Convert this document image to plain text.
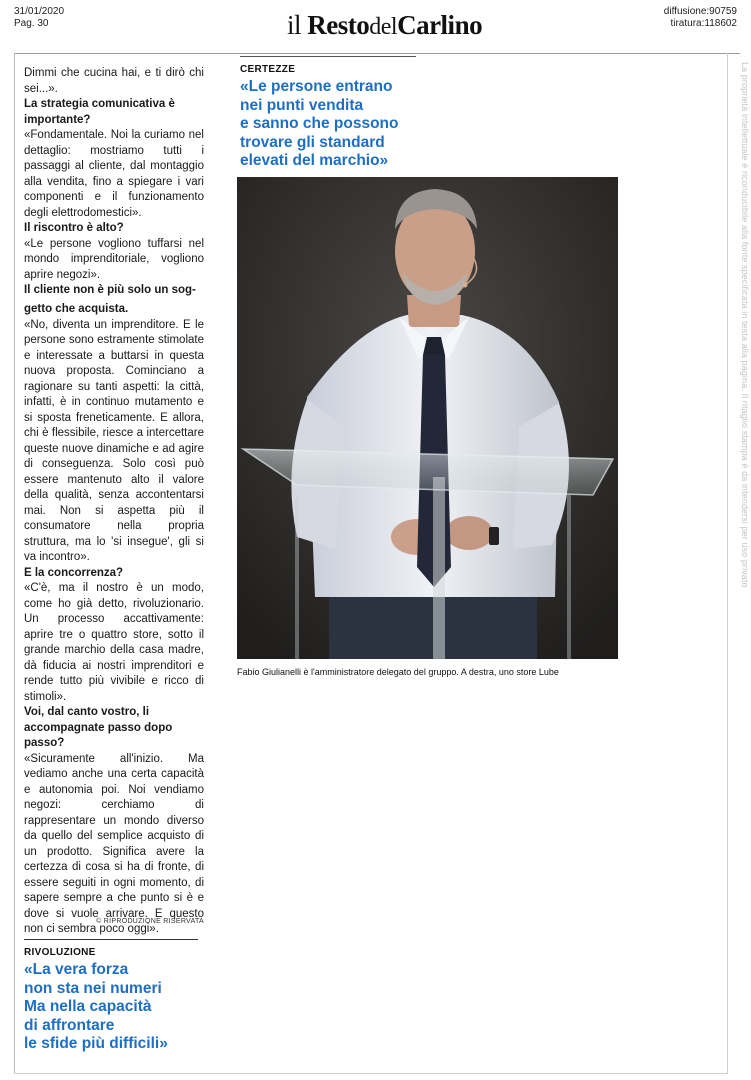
31/01/2020
Pag. 30	il RestodelCarlino	diffusione:90759
tiratura:118602

Dimmi che cucina hai, e ti dirò chi sei...».

La strategia comunicativa è importante?

«Fondamentale. Noi la curiamo nel dettaglio: mostriamo tutti i passaggi al cliente, dal montaggio alla vendita, fino a spiegare i vari componenti e il funzionamento degli elettrodomestici».

Il riscontro è alto?

«Le persone vogliono tuffarsi nel mondo imprenditoriale, vogliono aprire negozi».

Il cliente non è più solo un sog-

getto che acquista.

«No, diventa un imprenditore. E le persone sono estramente stimolate e interessate a buttarsi in questa nuova proposta. Cominciano a ragionare su tanti aspetti: la città, infatti, è in continuo mutamento e si sposta freneticamente. E allora, chi è flessibile, riesce a intercettare queste nuove dinamiche e ad agire di conseguenza. Solo così può essere mantenuto alto il valore della qualità, senza accontentarsi mai. Non si aspetta più il consumatore nella propria struttura, ma lo 'si insegue', gli si va incontro».

E la concorrenza?

«C'è, ma il nostro è un modo, come ho già detto, rivoluzionario. Un processo accattivamente: aprire tre o quattro store, sotto il grande marchio della casa madre, dà fiducia ai nostri imprenditori e rende tutto più vivibile e ricco di stimoli».

Voi, dal canto vostro, li accompagnate passo dopo passo?

«Sicuramente all'inizio. Ma vediamo anche una certa capacità e autonomia poi. Noi vendiamo negozi: cerchiamo di rappresentare un mondo diverso da quello del semplice acquisto di un prodotto. Significa avere la certezza di cosa si ha di fronte, di essere seguiti in ogni momento, di sapere sempre a che punto si è e dove si vuole arrivare. E questo non ci sembra poco oggi».

© RIPRODUZIONE RISERVATA
CERTEZZE

«Le persone entrano

nei punti vendita

e sanno che possono

trovare gli standard

elevati del marchio»

Fabio Giulianelli è l'amministratore delegato del gruppo. A destra, uno store Lube
RIVOLUZIONE

«La vera forza

non sta nei numeri

Ma nella capacità

di affrontare

le sfide più difficili»

La proprietà intellettuale è riconducibile alla fonte specificata in testa alla pagina. Il ritaglio stampa è da intendersi per uso privato
